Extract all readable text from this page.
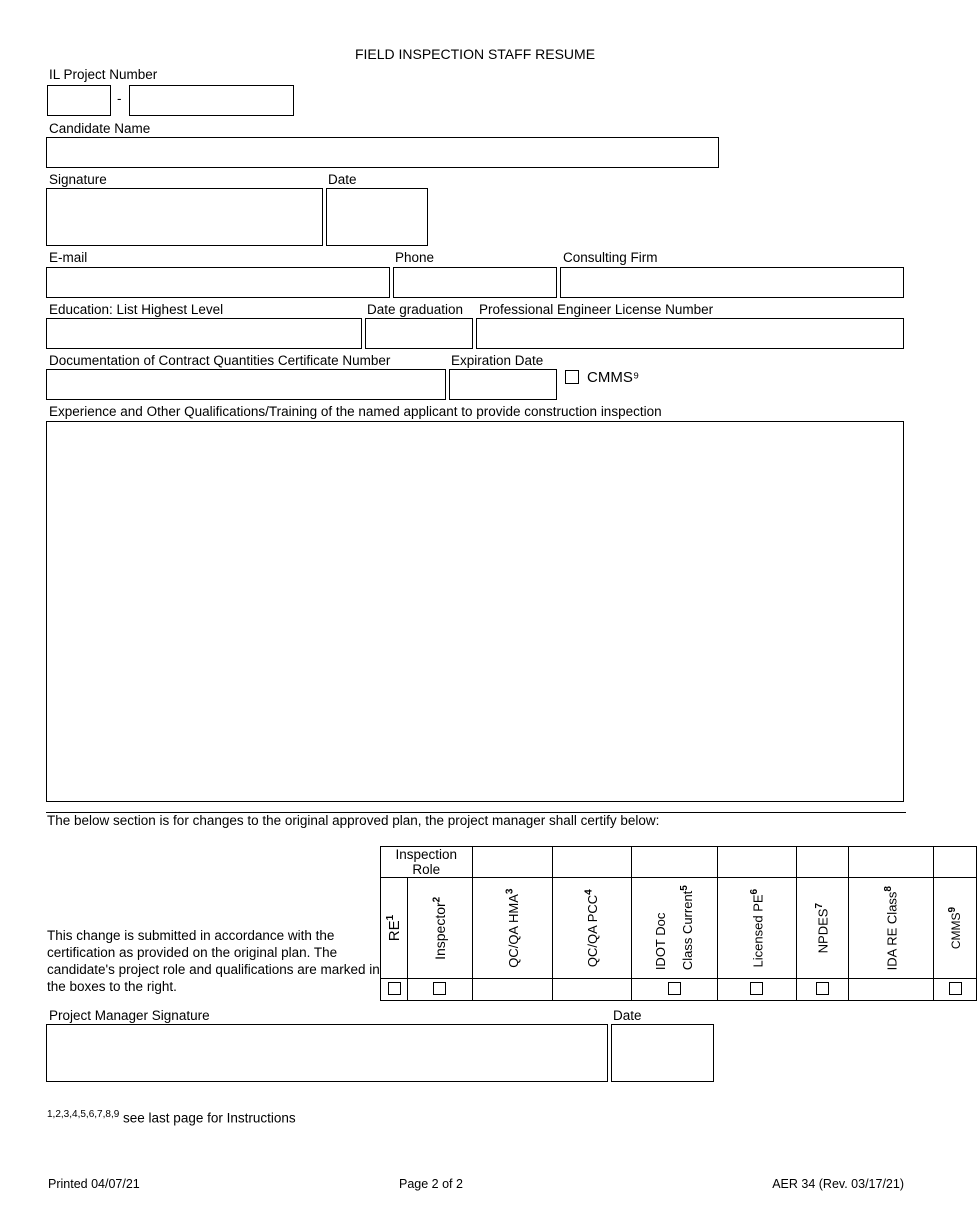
FIELD INSPECTION STAFF RESUME
IL Project Number
-
Candidate Name
Signature	Date
E-mail	Phone	Consulting Firm
Education: List Highest Level	Date graduation Professional Engineer License Number
Documentation of Contract Quantities Certificate Number	Expiration Date
CMMS⁹
Experience and Other Qualifications/Training of the named applicant to provide construction inspection
The below section is for changes to the original approved plan, the project manager shall certify below:
This change is submitted in accordance with the certification as provided on the original plan. The candidate's project role and qualifications are marked in the boxes to the right.
Inspection Role								

$RE^1$	Inspector$^2$	QC/QA HMA$^3$	QC/QA PCC$^4$	IDOT Doc Class Current$^5$	Licensed $PE^6$	NPDES$^7$	IDA RE Class$^8$	CMMS$^9$

Project Manager Signature	Date
$^{1,2,3,4,5,6,7,8,9}$ see last page for Instructions
Printed 04/07/21	Page 2 of 2	AER 34 (Rev. 03/17/21)
